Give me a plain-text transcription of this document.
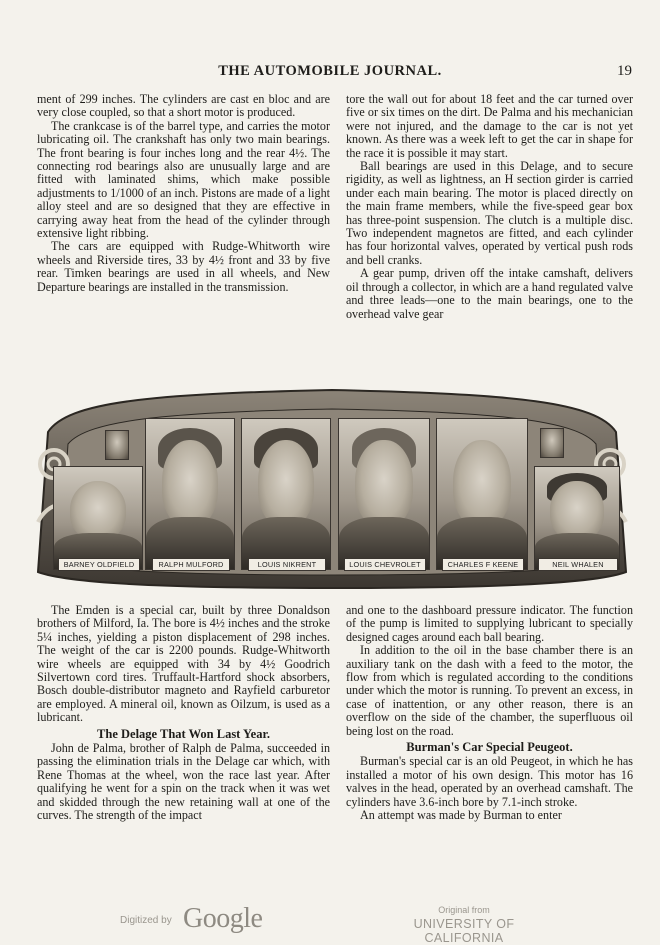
THE AUTOMOBILE JOURNAL.	19

ment of 299 inches. The cylinders are cast en bloc and are very close coupled, so that a short motor is produced.

The crankcase is of the barrel type, and carries the motor lubricating oil. The crankshaft has only two main bearings. The front bearing is four inches long and the rear 4½. The connecting rod bearings also are unusually large and are fitted with laminated shims, which make possible adjustments to 1/1000 of an inch. Pistons are made of a light alloy steel and are so designed that they are effective in carrying away heat from the head of the cylinder through extensive light ribbing.

The cars are equipped with Rudge-Whitworth wire wheels and Riverside tires, 33 by 4½ front and 33 by five rear. Timken bearings are used in all wheels, and New Departure bearings are installed in the transmission.

tore the wall out for about 18 feet and the car turned over five or six times on the dirt. De Palma and his mechanician were not injured, and the damage to the car is not yet known. As there was a week left to get the car in shape for the race it is possible it may start.

Ball bearings are used in this Delage, and to secure rigidity, as well as lightness, an H section girder is carried under each main bearing. The motor is placed directly on the main frame members, while the five-speed gear box has three-point suspension. The clutch is a multiple disc. Two independent magnetos are fitted, and each cylinder has four horizontal valves, operated by vertical push rods and bell cranks.

A gear pump, driven off the intake camshaft, delivers oil through a collector, in which are a hand regulated valve and three leads—one to the main bearings, one to the overhead valve gear

BARNEY OLDFIELD	RALPH MULFORD	LOUIS NIKRENT	LOUIS CHEVROLET	CHARLES F KEENE	NEIL WHALEN

The Emden is a special car, built by three Donaldson brothers of Milford, Ia. The bore is 4½ inches and the stroke 5¼ inches, yielding a piston displacement of 298 inches. The weight of the car is 2200 pounds. Rudge-Whitworth wire wheels are equipped with 34 by 4½ Goodrich Silvertown cord tires. Truffault-Hartford shock absorbers, Bosch double-distributor magneto and Rayfield carburetor are employed. A mineral oil, known as Oilzum, is used as a lubricant.

The Delage That Won Last Year.

John de Palma, brother of Ralph de Palma, succeeded in passing the elimination trials in the Delage car which, with Rene Thomas at the wheel, won the race last year. After qualifying he went for a spin on the track when it was wet and skidded through the new retaining wall at one of the curves. The strength of the impact

and one to the dashboard pressure indicator. The function of the pump is limited to supplying lubricant to specially designed cages around each ball bearing.

In addition to the oil in the base chamber there is an auxiliary tank on the dash with a feed to the motor, the flow from which is regulated according to the conditions under which the motor is running. To prevent an excess, in case of inattention, or any other reason, there is an overflow on the side of the chamber, the superfluous oil being lost on the road.

Burman's Car Special Peugeot.

Burman's special car is an old Peugeot, in which he has installed a motor of his own design. This motor has 16 valves in the head, operated by an overhead camshaft. The cylinders have 3.6-inch bore by 7.1-inch stroke.

An attempt was made by Burman to enter

Digitized by Google	Original from
UNIVERSITY OF CALIFORNIA
